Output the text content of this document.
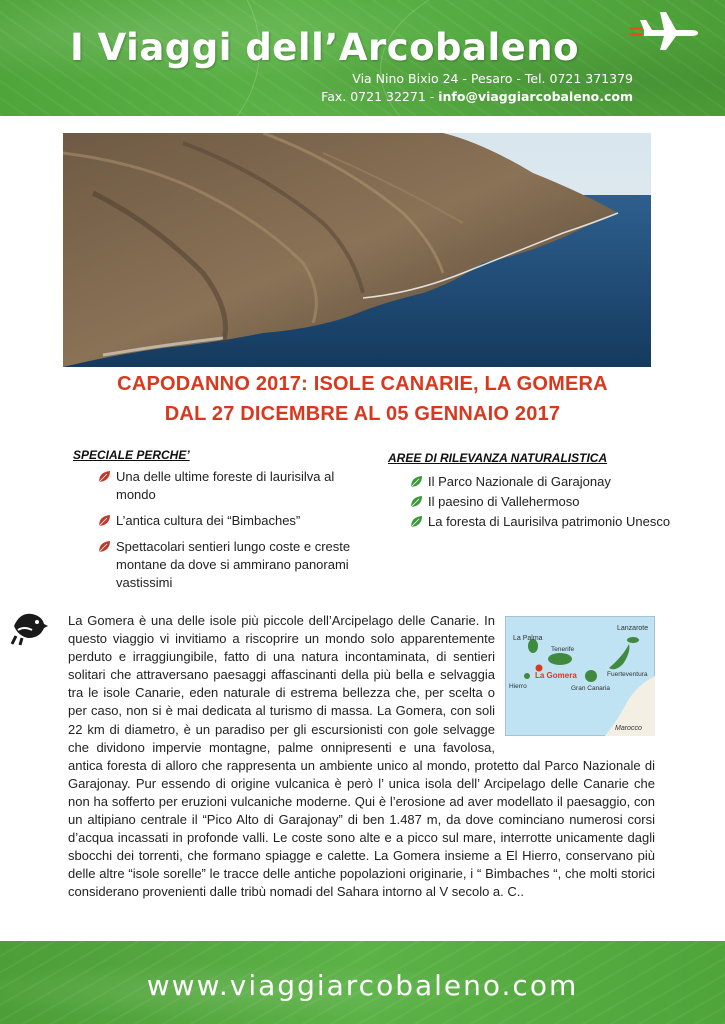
I Viaggi dell’Arcobaleno
Via Nino Bixio 24 - Pesaro - Tel. 0721 371379
Fax. 0721 32271 - info@viaggiarcobaleno.com
CAPODANNO 2017: ISOLE CANARIE, LA GOMERA
DAL 27 DICEMBRE AL 05 GENNAIO 2017
SPECIALE PERCHE’
Una delle ultime foreste di laurisilva al mondo
L’antica cultura dei “Bimbaches”
Spettacolari sentieri lungo coste e creste montane da dove si ammirano panorami vastissimi
AREE DI RILEVANZA NATURALISTICA
Il Parco Nazionale di Garajonay
Il paesino di Vallehermoso
La foresta di Laurisilva patrimonio Unesco
Lanzarote
La Palma
Tenerife
Fuerteventura
La Gomera
Hierro	Gran Canaria
Marocco
La Gomera è una delle isole più piccole dell’Arcipelago delle Canarie. In questo viaggio vi invitiamo a riscoprire un mondo solo apparentemente perduto e irraggiungibile, fatto di una natura incontaminata, di sentieri solitari che attraversano paesaggi affascinanti della più bella e selvaggia tra le isole Canarie, eden naturale di estrema bellezza che, per scelta o per caso, non si è mai dedicata al turismo di massa. La Gomera, con soli 22 km di diametro, è un paradiso per gli escursionisti con gole selvagge che dividono impervie montagne, palme onnipresenti e una favolosa, antica foresta di alloro che rappresenta un ambiente unico al mondo, protetto dal Parco Nazionale di Garajonay. Pur essendo di origine vulcanica è però l’ unica isola dell’ Arcipelago delle Canarie che non ha sofferto per eruzioni vulcaniche moderne. Qui è l’erosione ad aver modellato il paesaggio, con un altipiano centrale il “Pico Alto di Garajonay” di ben 1.487 m, da dove cominciano numerosi corsi d’acqua incassati in profonde valli. Le coste sono alte e a picco sul mare, interrotte unicamente dagli sbocchi dei torrenti, che formano spiagge e calette. La Gomera insieme a El Hierro, conservano più delle altre “isole sorelle” le tracce delle antiche popolazioni originarie, i “ Bimbaches “, che molti storici considerano provenienti dalle tribù nomadi del Sahara intorno al V secolo a. C..
www.viaggiarcobaleno.com
